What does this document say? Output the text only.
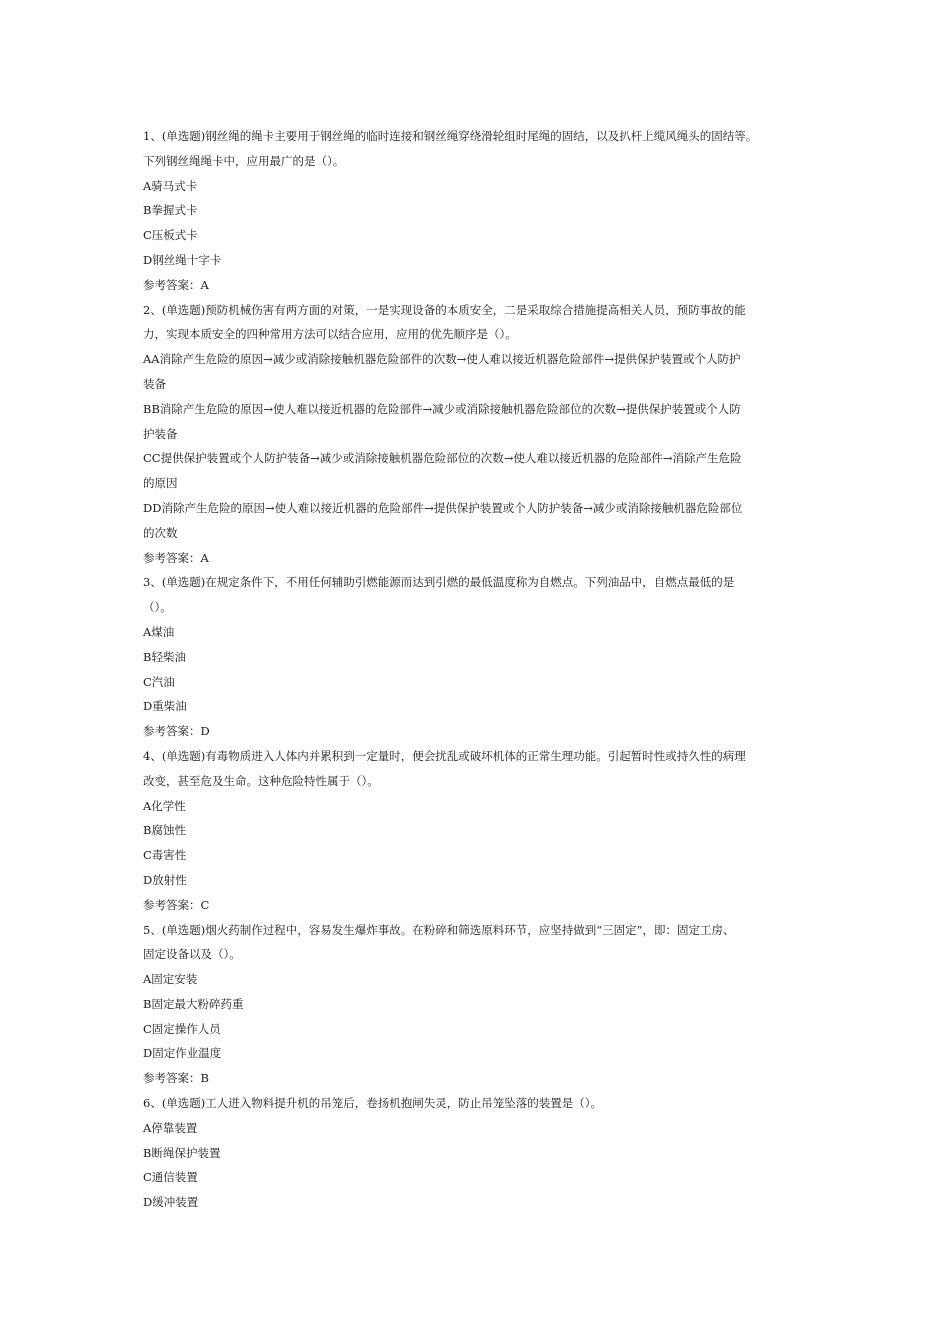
1、(单选题)钢丝绳的绳卡主要用于钢丝绳的临时连接和钢丝绳穿绕滑轮组时尾绳的固结，以及扒杆上缆风绳头的固结等。
下列钢丝绳绳卡中，应用最广的是（）。
A骑马式卡
B拳握式卡
C压板式卡
D钢丝绳十字卡
参考答案：A
2、(单选题)预防机械伤害有两方面的对策，一是实现设备的本质安全，二是采取综合措施提高相关人员，预防事故的能
力，实现本质安全的四种常用方法可以结合应用，应用的优先顺序是（）。
AA消除产生危险的原因→减少或消除接触机器危险部件的次数→使人难以接近机器危险部件→提供保护装置或个人防护
装备
BB消除产生危险的原因→使人难以接近机器的危险部件→减少或消除接触机器危险部位的次数→提供保护装置或个人防
护装备
CC提供保护装置或个人防护装备→减少或消除接触机器危险部位的次数→使人难以接近机器的危险部件→消除产生危险
的原因
DD消除产生危险的原因→使人难以接近机器的危险部件→提供保护装置或个人防护装备→减少或消除接触机器危险部位
的次数
参考答案：A
3、(单选题)在规定条件下，不用任何辅助引燃能源而达到引燃的最低温度称为自燃点。下列油品中，自燃点最低的是
（）。
A煤油
B轻柴油
C汽油
D重柴油
参考答案：D
4、(单选题)有毒物质进入人体内并累积到一定量时，便会扰乱或破坏机体的正常生理功能。引起暂时性或持久性的病理
改变，甚至危及生命。这种危险特性属于（）。
A化学性
B腐蚀性
C毒害性
D放射性
参考答案：C
5、(单选题)烟火药制作过程中，容易发生爆炸事故。在粉碎和筛选原料环节，应坚持做到“三固定”，即：固定工房、
固定设备以及（）。
A固定安装
B固定最大粉碎药重
C固定操作人员
D固定作业温度
参考答案：B
6、(单选题)工人进入物料提升机的吊笼后，卷扬机抱闸失灵，防止吊笼坠落的装置是（）。
A停靠装置
B断绳保护装置
C通信装置
D缓冲装置
